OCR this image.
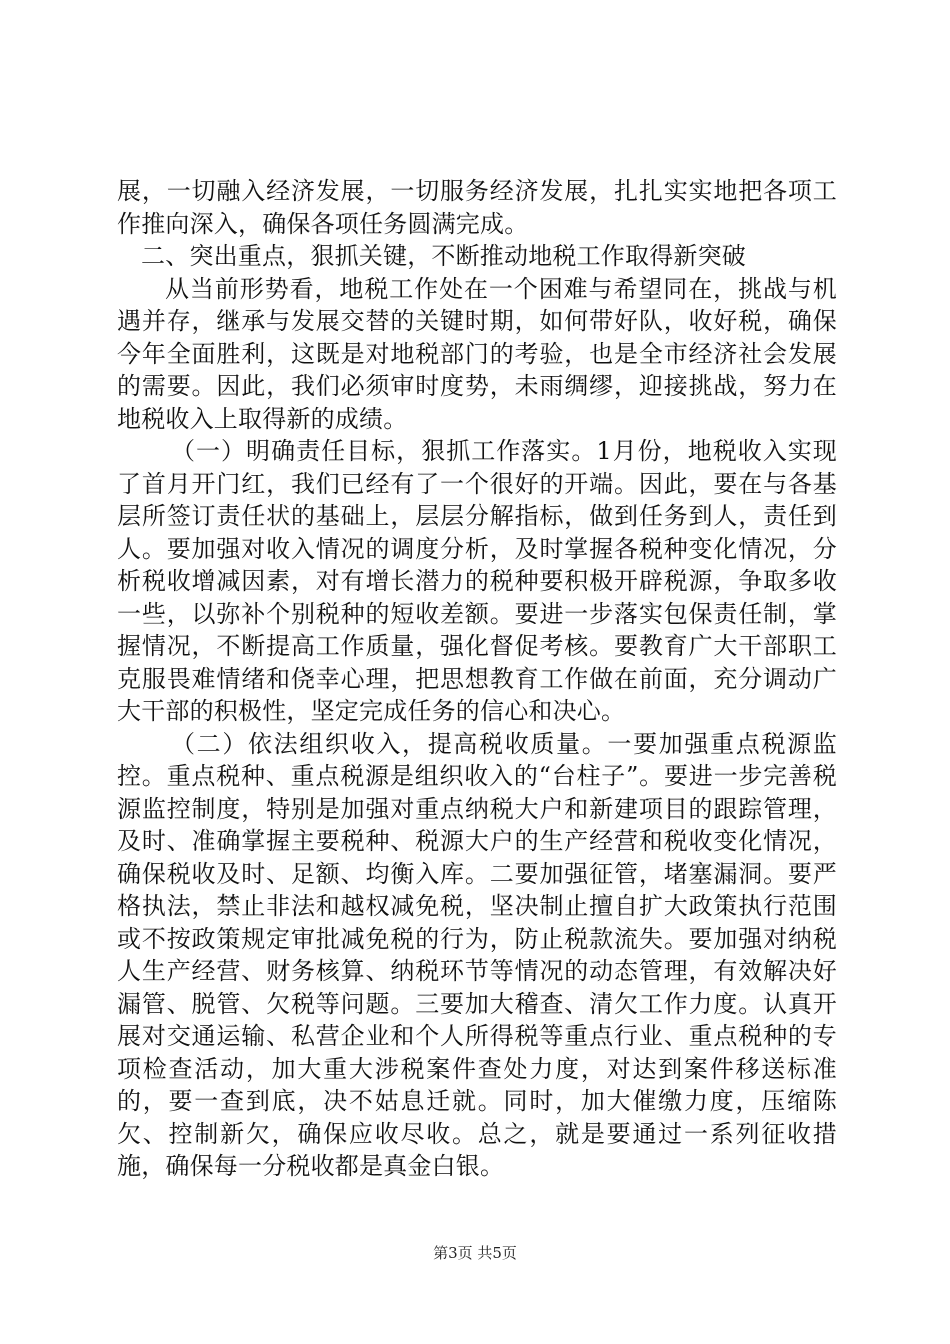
展，一切融入经济发展，一切服务经济发展，扎扎实实地把各项工作推向深入，确保各项任务圆满完成。

二、突出重点，狠抓关键，不断推动地税工作取得新突破

从当前形势看，地税工作处在一个困难与希望同在，挑战与机遇并存，继承与发展交替的关键时期，如何带好队，收好税，确保今年全面胜利，这既是对地税部门的考验，也是全市经济社会发展的需要。因此，我们必须审时度势，未雨绸缪，迎接挑战，努力在地税收入上取得新的成绩。

（一）明确责任目标，狠抓工作落实。1月份，地税收入实现了首月开门红，我们已经有了一个很好的开端。因此，要在与各基层所签订责任状的基础上，层层分解指标，做到任务到人，责任到人。要加强对收入情况的调度分析，及时掌握各税种变化情况，分析税收增减因素，对有增长潜力的税种要积极开辟税源，争取多收一些，以弥补个别税种的短收差额。要进一步落实包保责任制，掌握情况，不断提高工作质量，强化督促考核。要教育广大干部职工克服畏难情绪和侥幸心理，把思想教育工作做在前面，充分调动广大干部的积极性，坚定完成任务的信心和决心。

（二）依法组织收入，提高税收质量。一要加强重点税源监控。重点税种、重点税源是组织收入的“台柱子”。要进一步完善税源监控制度，特别是加强对重点纳税大户和新建项目的跟踪管理，及时、准确掌握主要税种、税源大户的生产经营和税收变化情况，确保税收及时、足额、均衡入库。二要加强征管，堵塞漏洞。要严格执法，禁止非法和越权减免税，坚决制止擅自扩大政策执行范围或不按政策规定审批减免税的行为，防止税款流失。要加强对纳税人生产经营、财务核算、纳税环节等情况的动态管理，有效解决好漏管、脱管、欠税等问题。三要加大稽查、清欠工作力度。认真开展对交通运输、私营企业和个人所得税等重点行业、重点税种的专项检查活动，加大重大涉税案件查处力度，对达到案件移送标准的，要一查到底，决不姑息迁就。同时，加大催缴力度，压缩陈欠、控制新欠，确保应收尽收。总之，就是要通过一系列征收措施，确保每一分税收都是真金白银。

第3页 共5页
